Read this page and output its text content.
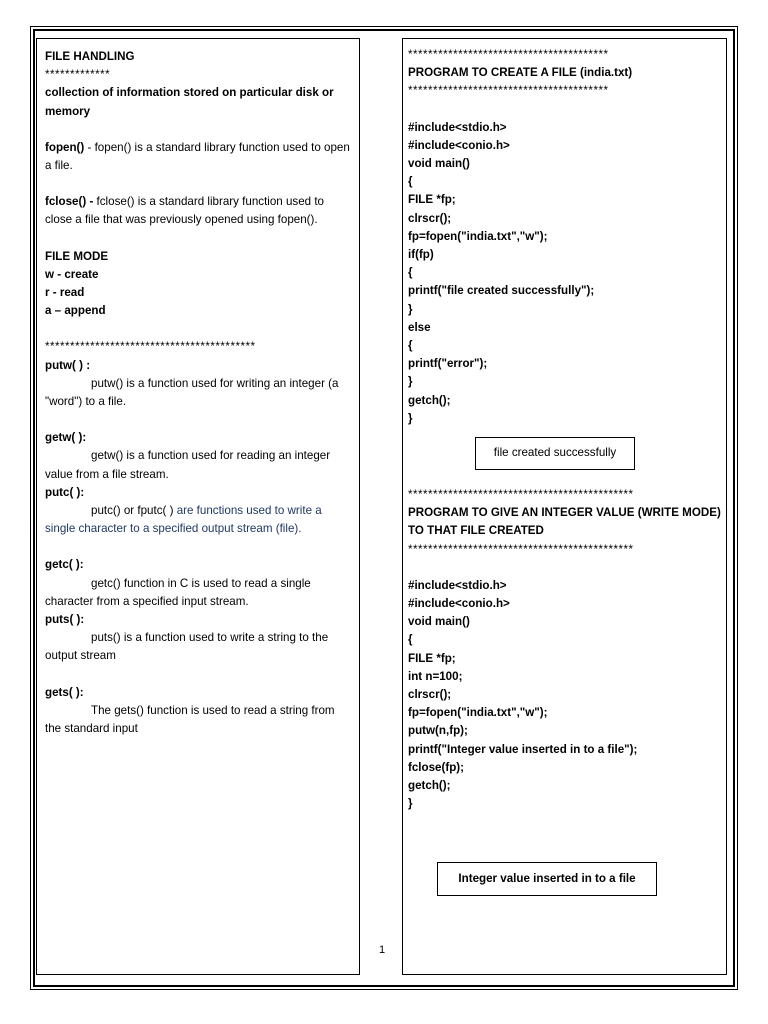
FILE HANDLING
*************
collection of information stored on particular disk or memory
fopen() - fopen() is a standard library function used to open a file.
fclose() - fclose() is a standard library function used to close a file that was previously opened using fopen().
FILE MODE
w - create
r - read
a – append
******************************************
putw( ) :
putw() is a function used for writing an integer (a "word") to a file.
getw( ):
getw() is a function used for reading an integer value from a file stream.
putc( ):
putc() or fputc( ) are functions used to write a single character to a specified output stream (file).
getc( ):
getc() function in C is used to read a single character from a specified input stream.
puts( ):
puts() is a function used to write a string to the output stream
gets( ):
The gets() function is used to read a string from the standard input
****************************************
PROGRAM TO CREATE A FILE (india.txt)
****************************************
#include<stdio.h>
#include<conio.h>
void main()
{
FILE *fp;
clrscr();
fp=fopen("india.txt","w");
if(fp)
{
printf("file created successfully");
}
else
{
printf("error");
}
getch();
}
file created successfully
*********************************************
PROGRAM TO GIVE AN INTEGER VALUE (WRITE MODE) TO THAT FILE CREATED
*********************************************
#include<stdio.h>
#include<conio.h>
void main()
{
FILE *fp;
int n=100;
clrscr();
fp=fopen("india.txt","w");
putw(n,fp);
printf("Integer value inserted in to a file");
fclose(fp);
getch();
}
Integer value inserted in to a file
1
